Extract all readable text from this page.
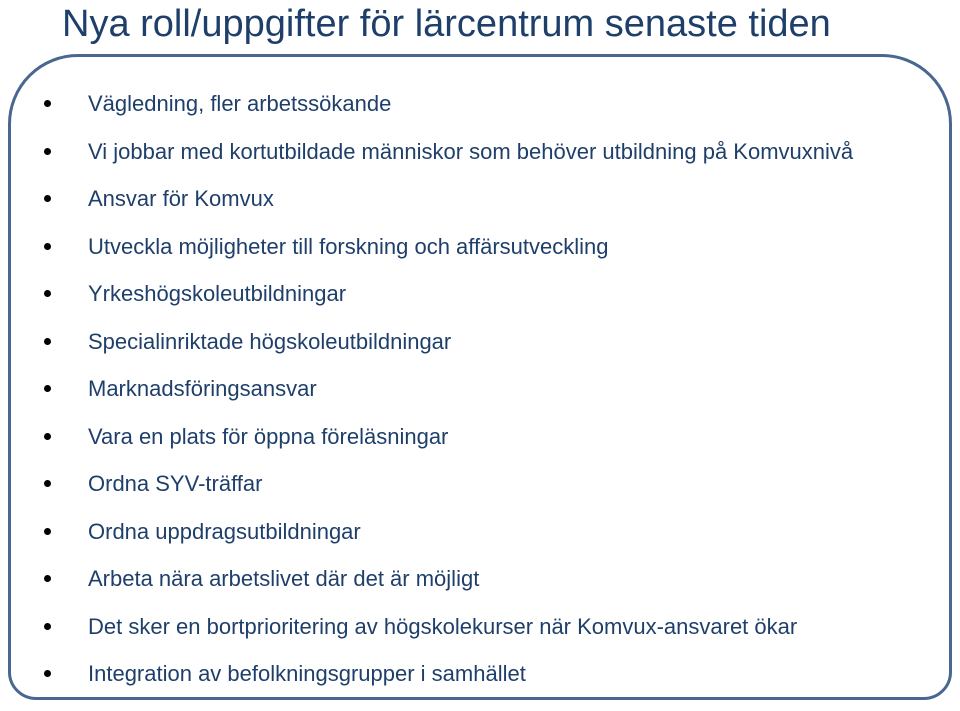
Nya roll/uppgifter för lärcentrum senaste tiden
Vägledning, fler arbetssökande
Vi jobbar med kortutbildade människor som behöver utbildning på Komvuxnivå
Ansvar för Komvux
Utveckla möjligheter till forskning och affärsutveckling
Yrkeshögskoleutbildningar
Specialinriktade högskoleutbildningar
Marknadsföringsansvar
Vara en plats för öppna föreläsningar
Ordna SYV-träffar
Ordna uppdragsutbildningar
Arbeta nära arbetslivet där det är möjligt
Det sker en bortprioritering av högskolekurser när Komvux-ansvaret ökar
Integration av befolkningsgrupper i samhället
